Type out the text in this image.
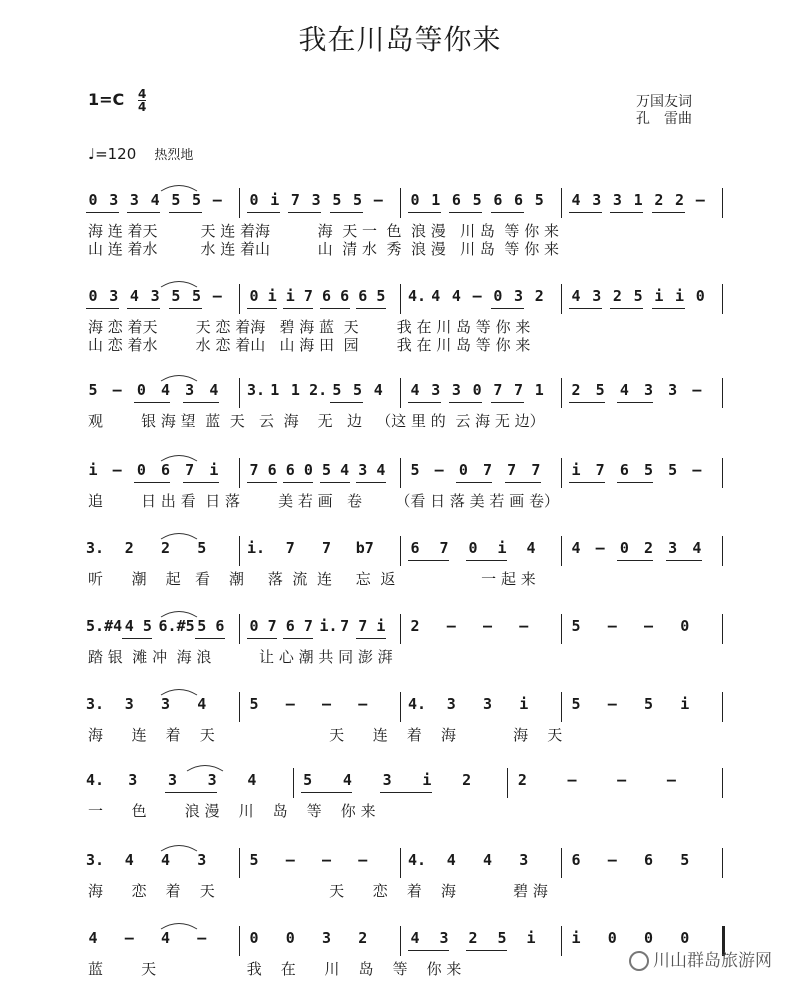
我在川岛等你来
1=C 4
4	万国友词
孔　雷曲
♩=120 热烈地
0 3 3 4 5 5 – 0 i 7 3 5 5 – 0 1 6 5 6 6 5 4 3 3 1 2 2 –
海 连 着天         天 连 着海          海  天 一  色  浪 漫   川 岛  等 你 来
山 连 着水         水 连 着山          山  清 水  秀  浪 漫   川 岛  等 你 来
0 3 4 3 5 5 – 0 i i 7 6 6 6 5 4. 4 4 – 0 3 2 4 3 2 5 i i 0
海 恋 着天        天 恋 着海   碧 海 蓝  天        我 在 川 岛 等 你 来
山 恋 着水        水 恋 着山   山 海 田  园        我 在 川 岛 等 你 来
5 – 0 4 3 4 3. 1 1 2. 5 5 4 4 3 3 0 7 7 1 2 5 4 3 3 –
观        银 海 望  蓝  天   云  海    无   边   （这 里 的  云 海 无 边）
i – 0 6 7 i 7 6 6 0 5 4 3 4 5 – 0 7 7 7 i 7 6 5 5 –
追        日 出 看  日 落        美 若 画   卷       （看 日 落 美 若 画 卷）
3. 2 2 5	i. 7 7 b7 6 7 0 i 4 4 – 0 2 3 4
听      潮    起   看    潮     落  流  连     忘  返                  一 起 来
5. #4 4 5 6. #5 5 6 0 7 6 7 i. 7 7 i 2 – – –	5 – – 0
踏 银  滩 冲  海 浪          让 心 潮 共 同 澎 湃
3. 3 3 4	5 – – –	4. 3 3 i	5 – 5 i
海      连    着    天                        天      连    着    海            海    天
4. 3 3 3 4	5 4 3 i 2	2	–	–	–
一      色        浪 漫    川    岛    等    你 来
3. 4 4 3	5 – – –	4. 4 4 3	6 – 6 5
海      恋    着    天                        天      恋    着    海            碧 海
4 – 4 –	0 0 3 2	4 3 2 5 i i 0 0 0
蓝        天                   我    在      川    岛    等    你 来	川山群岛旅游网
